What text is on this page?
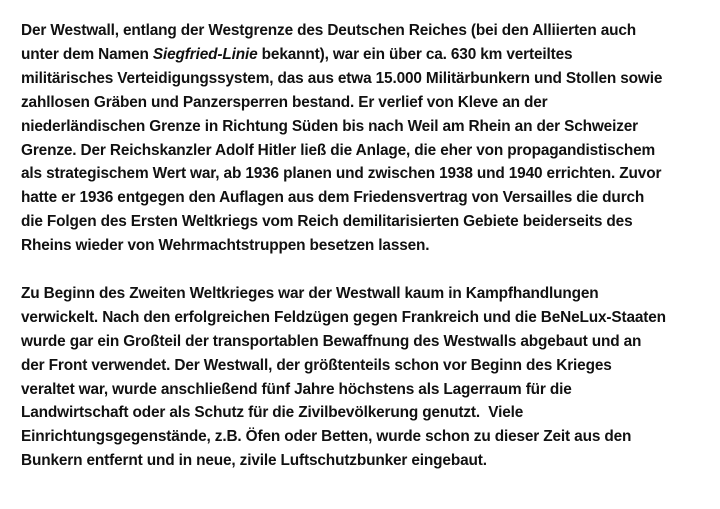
Der Westwall, entlang der Westgrenze des Deutschen Reiches (bei den Alliierten auch
unter dem Namen Siegfried-Linie bekannt), war ein über ca. 630 km verteiltes
militärisches Verteidigungssystem, das aus etwa 15.000 Militärbunkern und Stollen sowie
zahllosen Gräben und Panzersperren bestand. Er verlief von Kleve an der
niederländischen Grenze in Richtung Süden bis nach Weil am Rhein an der Schweizer
Grenze. Der Reichskanzler Adolf Hitler ließ die Anlage, die eher von propagandistischem
als strategischem Wert war, ab 1936 planen und zwischen 1938 und 1940 errichten. Zuvor
hatte er 1936 entgegen den Auflagen aus dem Friedensvertrag von Versailles die durch
die Folgen des Ersten Weltkriegs vom Reich demilitarisierten Gebiete beiderseits des
Rheins wieder von Wehrmachtstruppen besetzen lassen.

Zu Beginn des Zweiten Weltkrieges war der Westwall kaum in Kampfhandlungen
verwickelt. Nach den erfolgreichen Feldzügen gegen Frankreich und die BeNeLux-Staaten
wurde gar ein Großteil der transportablen Bewaffnung des Westwalls abgebaut und an
der Front verwendet. Der Westwall, der größtenteils schon vor Beginn des Krieges
veraltet war, wurde anschließend fünf Jahre höchstens als Lagerraum für die
Landwirtschaft oder als Schutz für die Zivilbevölkerung genutzt.  Viele
Einrichtungsgegenstände, z.B. Öfen oder Betten, wurde schon zu dieser Zeit aus den
Bunkern entfernt und in neue, zivile Luftschutzbunker eingebaut.
